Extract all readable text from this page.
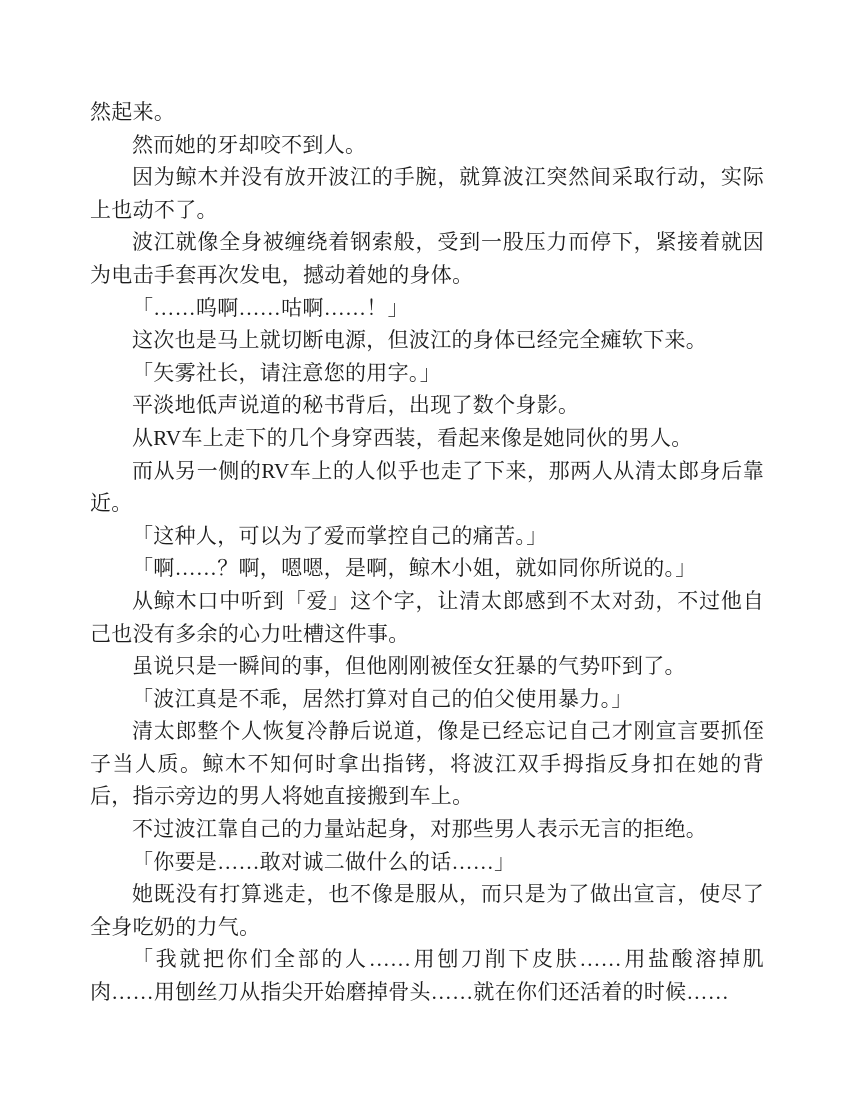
然起来。

然而她的牙却咬不到人。

因为鲸木并没有放开波江的手腕，就算波江突然间采取行动，实际上也动不了。

波江就像全身被缠绕着钢索般，受到一股压力而停下，紧接着就因为电击手套再次发电，撼动着她的身体。

「……呜啊……咕啊……！」

这次也是马上就切断电源，但波江的身体已经完全瘫软下来。

「矢雾社长，请注意您的用字。」

平淡地低声说道的秘书背后，出现了数个身影。

从RV车上走下的几个身穿西装，看起来像是她同伙的男人。

而从另一侧的RV车上的人似乎也走了下来，那两人从清太郎身后靠近。

「这种人，可以为了爱而掌控自己的痛苦。」

「啊……？啊，嗯嗯，是啊，鲸木小姐，就如同你所说的。」

从鲸木口中听到「爱」这个字，让清太郎感到不太对劲，不过他自己也没有多余的心力吐槽这件事。

虽说只是一瞬间的事，但他刚刚被侄女狂暴的气势吓到了。

「波江真是不乖，居然打算对自己的伯父使用暴力。」

清太郎整个人恢复冷静后说道，像是已经忘记自己才刚宣言要抓侄子当人质。鲸木不知何时拿出指铐，将波江双手拇指反身扣在她的背后，指示旁边的男人将她直接搬到车上。

不过波江靠自己的力量站起身，对那些男人表示无言的拒绝。

「你要是……敢对诚二做什么的话……」

她既没有打算逃走，也不像是服从，而只是为了做出宣言，使尽了全身吃奶的力气。

「我就把你们全部的人……用刨刀削下皮肤……用盐酸溶掉肌肉……用刨丝刀从指尖开始磨掉骨头……就在你们还活着的时候……
